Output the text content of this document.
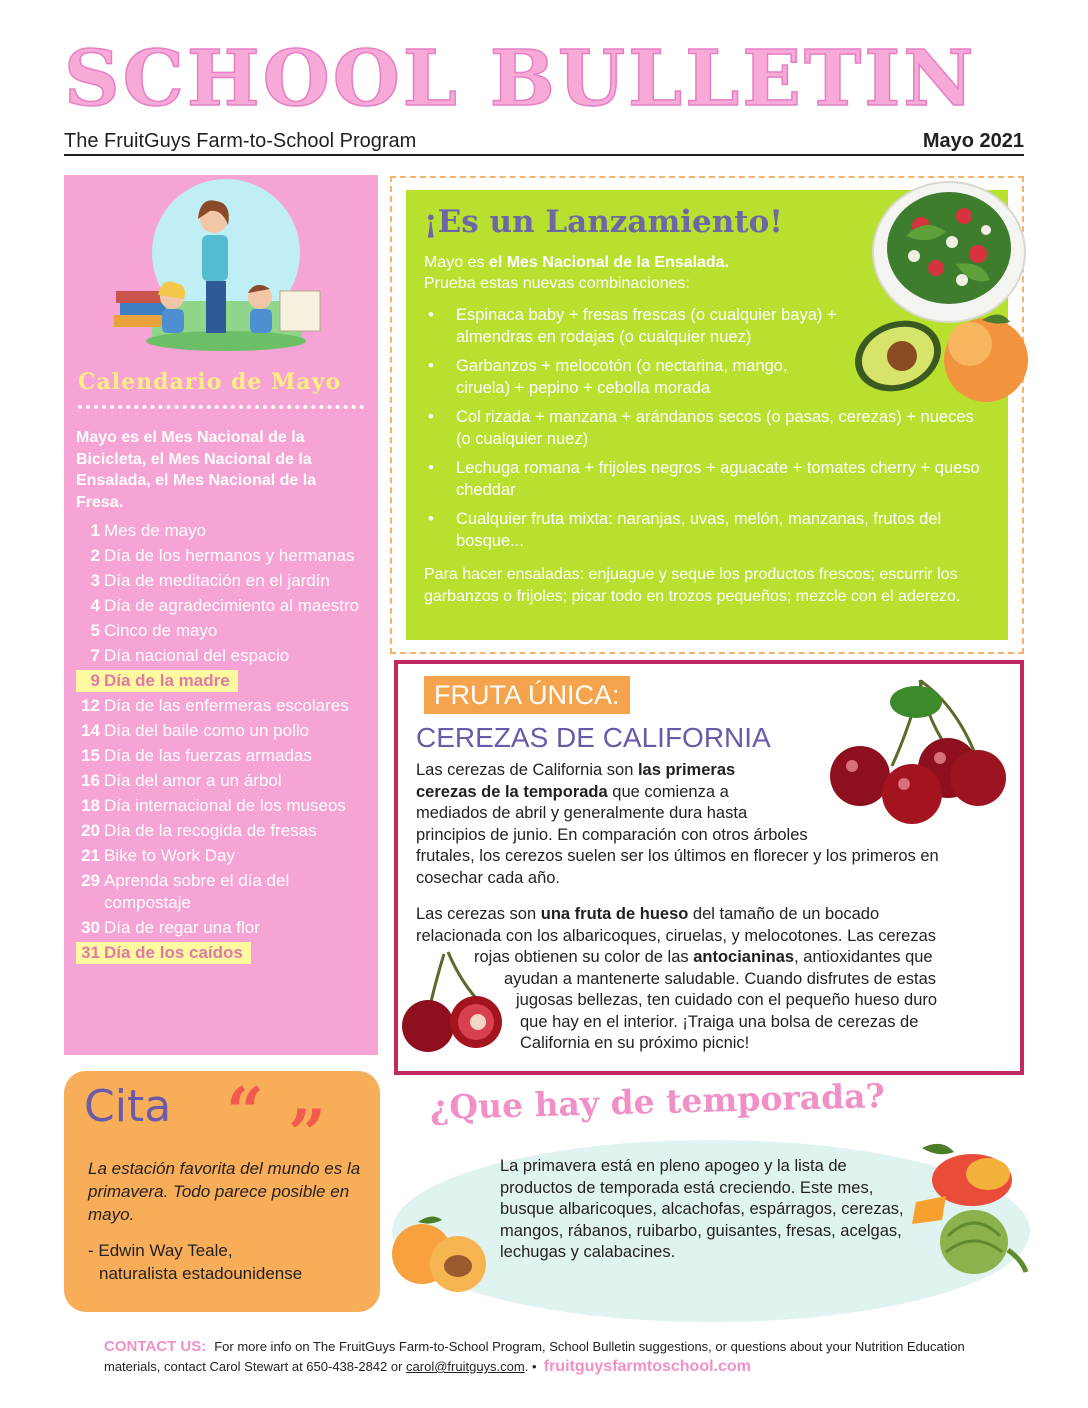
SCHOOL BULLETIN
The FruitGuys Farm-to-School Program	Mayo 2021
Calendario de Mayo
Mayo es el Mes Nacional de la Bicicleta, el Mes Nacional de la Ensalada, el Mes Nacional de la Fresa.
1 Mes de mayo
2 Día de los hermanos y hermanas
3 Día de meditación en el jardín
4 Día de agradecimiento al maestro
5 Cinco de mayo
7 Día nacional del espacio
9 Día de la madre
12 Día de las enfermeras escolares
14 Día del baile como un pollo
15 Día de las fuerzas armadas
16 Día del amor a un árbol
18 Día internacional de los museos
20 Día de la recogida de fresas
21 Bike to Work Day
29 Aprenda sobre el día del compostaje
30 Día de regar una flor
31 Día de los caídos
¡Es un Lanzamiento!
Mayo es el Mes Nacional de la Ensalada.
Prueba estas nuevas combinaciones:
• Espinaca baby + fresas frescas (o cualquier baya) + almendras en rodajas (o cualquier nuez)
• Garbanzos + melocotón (o nectarina, mango, ciruela) + pepino + cebolla morada
• Col rizada + manzana + arándanos secos (o pasas, cerezas) + nueces (o cualquier nuez)
• Lechuga romana + frijoles negros + aguacate + tomates cherry + queso cheddar
• Cualquier fruta mixta: naranjas, uvas, melón, manzanas, frutos del bosque...
Para hacer ensaladas: enjuague y seque los productos frescos; escurrir los garbanzos o frijoles; picar todo en trozos pequeños; mezcle con el aderezo.
FRUTA ÚNICA:
CEREZAS DE CALIFORNIA
Las cerezas de California son las primeras
cerezas de la temporada que comienza a
mediados de abril y generalmente dura hasta
principios de junio. En comparación con otros árboles
frutales, los cerezos suelen ser los últimos en florecer y los primeros en
cosechar cada año.
Las cerezas son una fruta de hueso del tamaño de un bocado
relacionada con los albaricoques, ciruelas, y melocotones. Las cerezas
rojas obtienen su color de las antocianinas, antioxidantes que
ayudan a mantenerte saludable. Cuando disfrutes de estas
jugosas bellezas, ten cuidado con el pequeño hueso duro
que hay en el interior. ¡Traiga una bolsa de cerezas de
California en su próximo picnic!
Cita “ ”
La estación favorita del mundo es la primavera. Todo parece posible en mayo.
- Edwin Way Teale,
naturalista estadounidense
¿Que hay de temporada?
La primavera está en pleno apogeo y la lista de productos de temporada está creciendo. Este mes, busque albaricoques, alcachofas, espárragos, cerezas, mangos, rábanos, ruibarbo, guisantes, fresas, acelgas, lechugas y calabacines.
CONTACT US: For more info on The FruitGuys Farm-to-School Program, School Bulletin suggestions, or questions about your Nutrition Education materials, contact Carol Stewart at 650-438-2842 or carol@fruitguys.com. • fruitguysfarmtoschool.com
